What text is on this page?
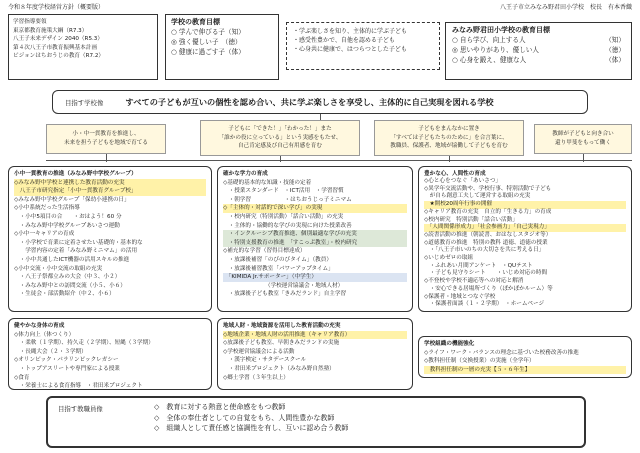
令和８年度学校経営方針（概要版）	八王子市立みなみ野君田小学校　校長　有本香織
学習指導要領
東京都教育施策大綱（R7.3）
八王子未来デザイン 2040（R5.3）
第４次八王子市教育振興基本計画
ビジョンはちおうじの教育（R7.2）
学校の教育目標
○ 学んで伸びる子（知）
◎ 強く優しい子　（徳）
○ 健康に過ごす子（体）
・学ぶ楽しさを知り、主体的に学ぶ子ども
・感受性豊かで、自他を認める子ども
・心身共に健康で、はつらつとした子ども
みなみ野君田小学校の教育目標
○ 自ら学び、向上する人	（知）
◎ 思いやりがあり、優しい人	（徳）
○ 心身を鍛え、健康な人	（体）
目指す学校像	すべての子どもが互いの個性を認め合い、共に学ぶ楽しさを享受し、主体的に自己実現を図れる学校
小・中一貫教育を推進し、
未来を担う子どもを地域で育てる
子どもに「できた！」「わかった！」また
「誰かの役に立っている」という実感をもたせ、
自己肯定感及び自己有用感を育む
子どもをまんなかに置き
「すべては子どもたちのために」を合言葉に、
教職員、保護者、地域が協働して子どもを育む
教師が子どもと向き合い
還り甲斐をもって働く
小中一貫教育の推進（みなみ野中学校グループ）
◇みなみ野中学校と連携した教育活動の充実
　八王子市研究指定「小中一貫教育グループ校」
◇みなみ野中学校グループ「保幼小連携の日」
◇小中系統だった生活指導
　・小中5項目の合　　・おはよう！60 分
　・みなみ野中学校グループあいさつ運動
◇小中一キャリアの育成
　・小学校で育業に定着させたい基礎的・基本的な
　　学習内容の定着「みなみ野ミニマム」の活用
　・小中共通したICT機器の活用スキルの推進
◇小中交流・小中交流の取組の充実
　・八王子祭都立みの大会（中３、小２）
　・みなみ野中との訪問交流（小５、小６）
　・生徒会・部活動紹介（中２、小６）
確かな学力の育成
◇基礎的基本的な知識・技能の定着
　・授業スタンダード　・ICT活用　・学習習慣
　・朝学習　　　　　　・はちおうじっ子ミニマム
◇「主体的・対話的で深い学び」の実現
　・校内研究（特別活動）「話合い活動」の充実
　・主体的・協働的な学びの実現に向けた授業改善
　・インクルーシブ教育推進、個別最適な学びの充実
　・特別支援教育の推進　「すこっぷ教室」・校内研究
◇補充的な学習（習得目標達成）
　・放課後補習「のびのびタイム」（教員）
　・放課後補習教室「パワーアップタイム」
　「KIMIDA Jr.サポーター」（中学生）
　　　　　　　　（学校運営協議会・地域人材）
　・放課後子ども教室「きみだランド」自主学習
豊かな心、人間性の育成
◇心と心をつなぐ「あいさつ」
◇異学年交流活動や、学校行事、特別活動で子ども
　が自ら創意工夫して運営する取組の充実
　★開校20周年行事の開催
◇キャリア教育の充実　自立的「生きる力」の育成
◇校内研究　特別活動「話合い活動」
　「人間関係形成力」「社会参画力」「自己実現力」
◇読書活動の推進（朝読書、おはなしスタジオ等）
◇道徳教育の推進　特別の教科 道徳、道徳の授業
　・「八王子市いのちの大切さを共に考える日」
◇いじめゼロの取組
　・ふれあい月間アンケート　・QUテスト
　・子ども見守りシート　　・いじめ対応の時間
◇不登校や学校不適応等への対応と解消
　・安心できる居場所づくり（ぽかぽかルーム）等
◇保護者・地域とつなぐ学校
　・保護者面談（１・２学期）　・ホームページ
健やかな身体の育成
◇体力向上（体つくり）
　・柔軟（１学期）、持久走（２学期）、短縄（３学期）
　・長縄大会（２・３学期）
◇オリンピック・パラリンピックレガシー
　・トップアスリートや専門家による授業
◇食育
　・栄養士による食育指導　・君田米プロジェクト
地域人財・地域資源を活用した教育活動の充実
◇地域企業・地域人財の活用推進（キャリア教育）
◇放課後子ども教室、早朝きみだランドの実施
◇学校運営協議会による活動
　・漢字検定・サタデースクール
　・君田米プロジェクト（みなみ野自然塾）
◇郷土学習（３年生以上）
学校組織の機能強化
◇ライフ・ワーク・バランスの理念に基づいた校務改善の推進
◇教科担任制（交換授業）の実施（全学年）
　教科担任制の一層の充実【５・６年生】
目指す教職員像	◇　教育に対する熱意と使命感をもつ教師
◇　全体の奉仕者としての自覚をもち、人間性豊かな教師
◇　組織人として責任感と協調性を有し、互いに認め合う教師
